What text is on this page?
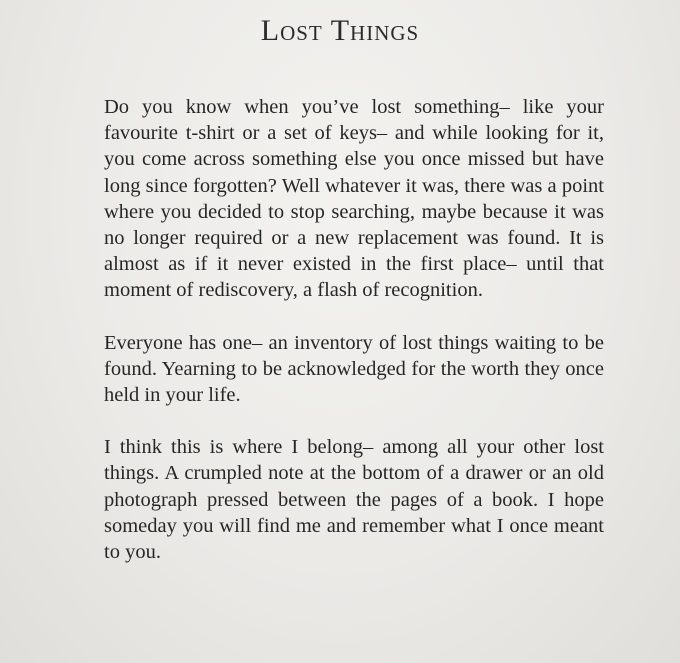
Lost Things

Do you know when you’ve lost something– like your favourite t-shirt or a set of keys– and while looking for it, you come across something else you once missed but have long since forgotten? Well whatever it was, there was a point where you decided to stop searching, maybe because it was no longer required or a new replacement was found. It is almost as if it never existed in the first place– until that moment of rediscovery, a flash of recognition.

Everyone has one– an inventory of lost things waiting to be found. Yearning to be acknowledged for the worth they once held in your life.

I think this is where I belong– among all your other lost things. A crumpled note at the bottom of a drawer or an old photograph pressed between the pages of a book. I hope someday you will find me and remember what I once meant to you.
